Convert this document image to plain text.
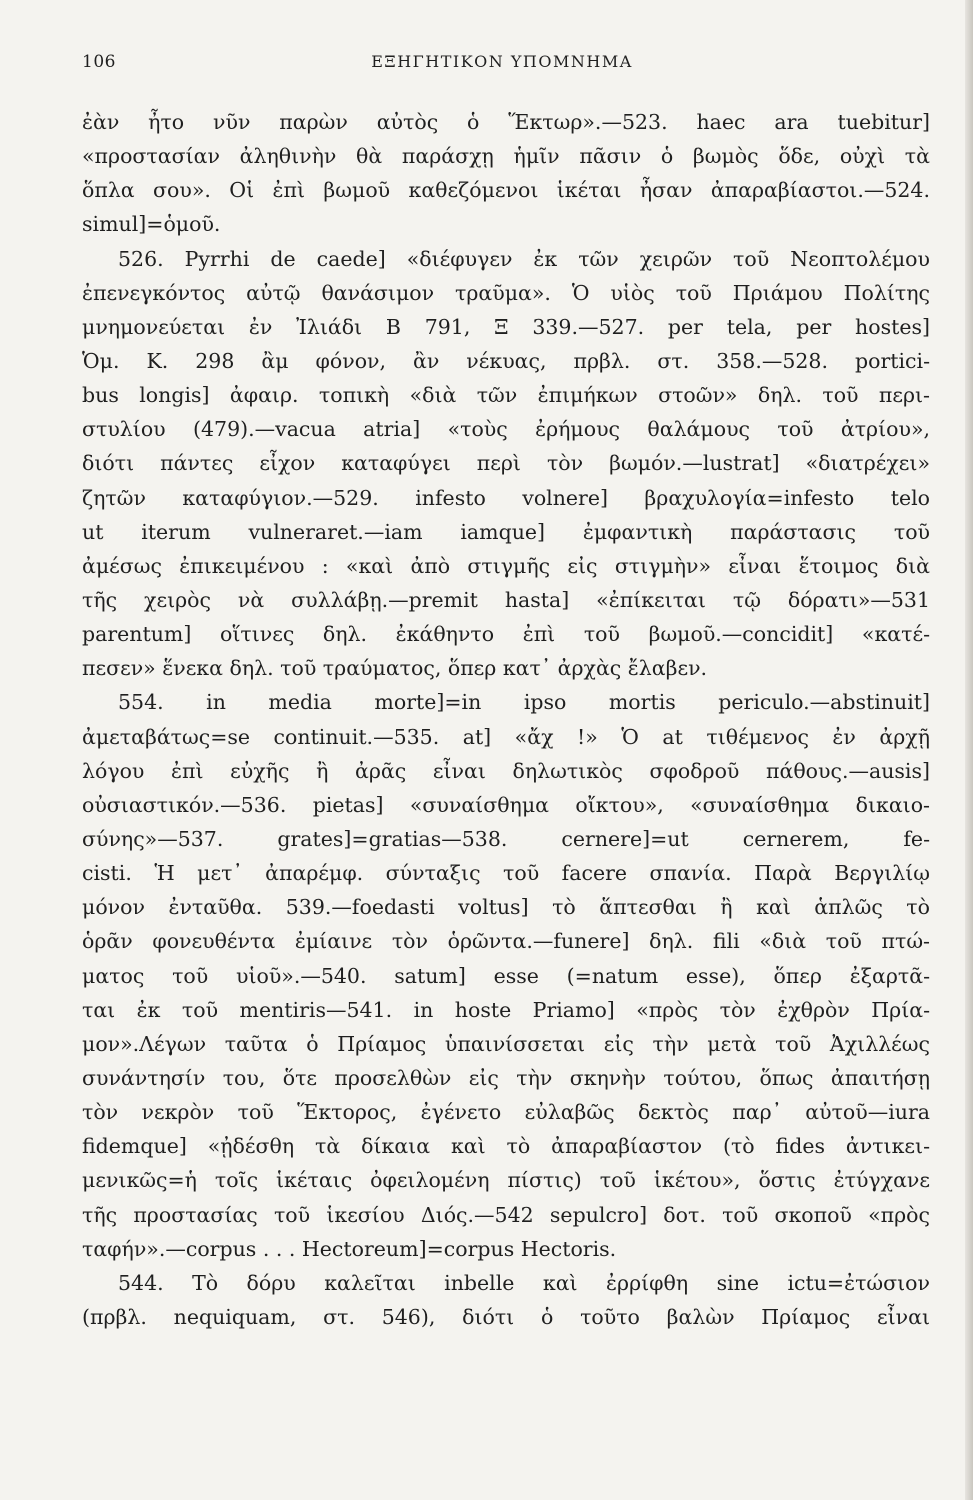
106	ΕΞΗΓΗΤΙΚΟΝ ΥΠΟΜΝΗΜΑ
ἐὰν ἦτο νῦν παρὼν αὐτὸς ὁ Ἕκτωρ».—523. haec ara tuebitur]
«προστασίαν ἀληθινὴν θὰ παράσχῃ ἡμῖν πᾶσιν ὁ βωμὸς ὅδε, οὐχὶ τὰ
ὅπλα σου». Οἱ ἐπὶ βωμοῦ καθεζόμενοι ἱκέται ἦσαν ἀπαραβίαστοι.—524.
simul]=ὁμοῦ.
526. Pyrrhi de caede] «διέφυγεν ἐκ τῶν χειρῶν τοῦ Νεοπτολέμου
ἐπενεγκόντος αὐτῷ θανάσιμον τραῦμα». Ὁ υἱὸς τοῦ Πριάμου Πολίτης
μνημονεύεται ἐν Ἰλιάδι B 791, Ξ 339.—527. per tela, per hostes]
Ὁμ. Κ. 298 ἂμ φόνον, ἂν νέκυας, πρβλ. στ. 358.—528. portici-
bus longis] ἀφαιρ. τοπικὴ «διὰ τῶν ἐπιμήκων στοῶν» δηλ. τοῦ περι-
στυλίου (479).—vacua atria] «τοὺς ἐρήμους θαλάμους τοῦ ἀτρίου»,
διότι πάντες εἶχον καταφύγει περὶ τὸν βωμόν.—lustrat] «διατρέχει»
ζητῶν καταφύγιον.—529. infesto volnere] βραχυλογία=infesto telo
ut iterum vulneraret.—iam iamque] ἐμφαντικὴ παράστασις τοῦ
ἀμέσως ἐπικειμένου : «καὶ ἀπὸ στιγμῆς εἰς στιγμὴν» εἶναι ἕτοιμος διὰ
τῆς χειρὸς νὰ συλλάβῃ.—premit hasta] «ἐπίκειται τῷ δόρατι»—531
parentum] οἵτινες δηλ. ἐκάθηντο ἐπὶ τοῦ βωμοῦ.—concidit] «κατέ-
πεσεν» ἕνεκα δηλ. τοῦ τραύματος, ὅπερ κατ᾽ ἀρχὰς ἔλαβεν.
554. in media morte]=in ipso mortis periculo.—abstinuit]
ἀμεταβάτως=se continuit.—535. at] «ἄχ !» Ὁ at τιθέμενος ἐν ἀρχῇ
λόγου ἐπὶ εὐχῆς ἢ ἀρᾶς εἶναι δηλωτικὸς σφοδροῦ πάθους.—ausis]
οὐσιαστικόν.—536. pietas] «συναίσθημα οἴκτου», «συναίσθημα δικαιο-
σύνης»—537. grates]=gratias—538. cernere]=ut cernerem, fe-
cisti. Ἡ μετ᾽ ἀπαρέμφ. σύνταξις τοῦ facere σπανία. Παρὰ Βεργιλίῳ
μόνον ἐνταῦθα. 539.—foedasti voltus] τὸ ἅπτεσθαι ἢ καὶ ἁπλῶς τὸ
ὁρᾶν φονευθέντα ἐμίαινε τὸν ὁρῶντα.—funere] δηλ. fili «διὰ τοῦ πτώ-
ματος τοῦ υἱοῦ».—540. satum] esse (=natum esse), ὅπερ ἐξαρτᾶ-
ται ἐκ τοῦ mentiris—541. in hoste Priamo] «πρὸς τὸν ἐχθρὸν Πρία-
μον».Λέγων ταῦτα ὁ Πρίαμος ὑπαινίσσεται εἰς τὴν μετὰ τοῦ Ἀχιλλέως
συνάντησίν του, ὅτε προσελθὼν εἰς τὴν σκηνὴν τούτου, ὅπως ἀπαιτήσῃ
τὸν νεκρὸν τοῦ Ἕκτορος, ἐγένετο εὐλαβῶς δεκτὸς παρ᾽ αὐτοῦ—iura
fidemque] «ᾐδέσθη τὰ δίκαια καὶ τὸ ἀπαραβίαστον (τὸ fides ἀντικει-
μενικῶς=ἡ τοῖς ἱκέταις ὀφειλομένη πίστις) τοῦ ἱκέτου», ὅστις ἐτύγχανε
τῆς προστασίας τοῦ ἱκεσίου Διός.—542 sepulcro] δοτ. τοῦ σκοποῦ «πρὸς
ταφήν».—corpus . . . Hectoreum]=corpus Hectoris.
544. Τὸ δόρυ καλεῖται inbelle καὶ ἐρρίφθη sine ictu=ἐτώσιον
(πρβλ. nequiquam, στ. 546), διότι ὁ τοῦτο βαλὼν Πρίαμος εἶναι
